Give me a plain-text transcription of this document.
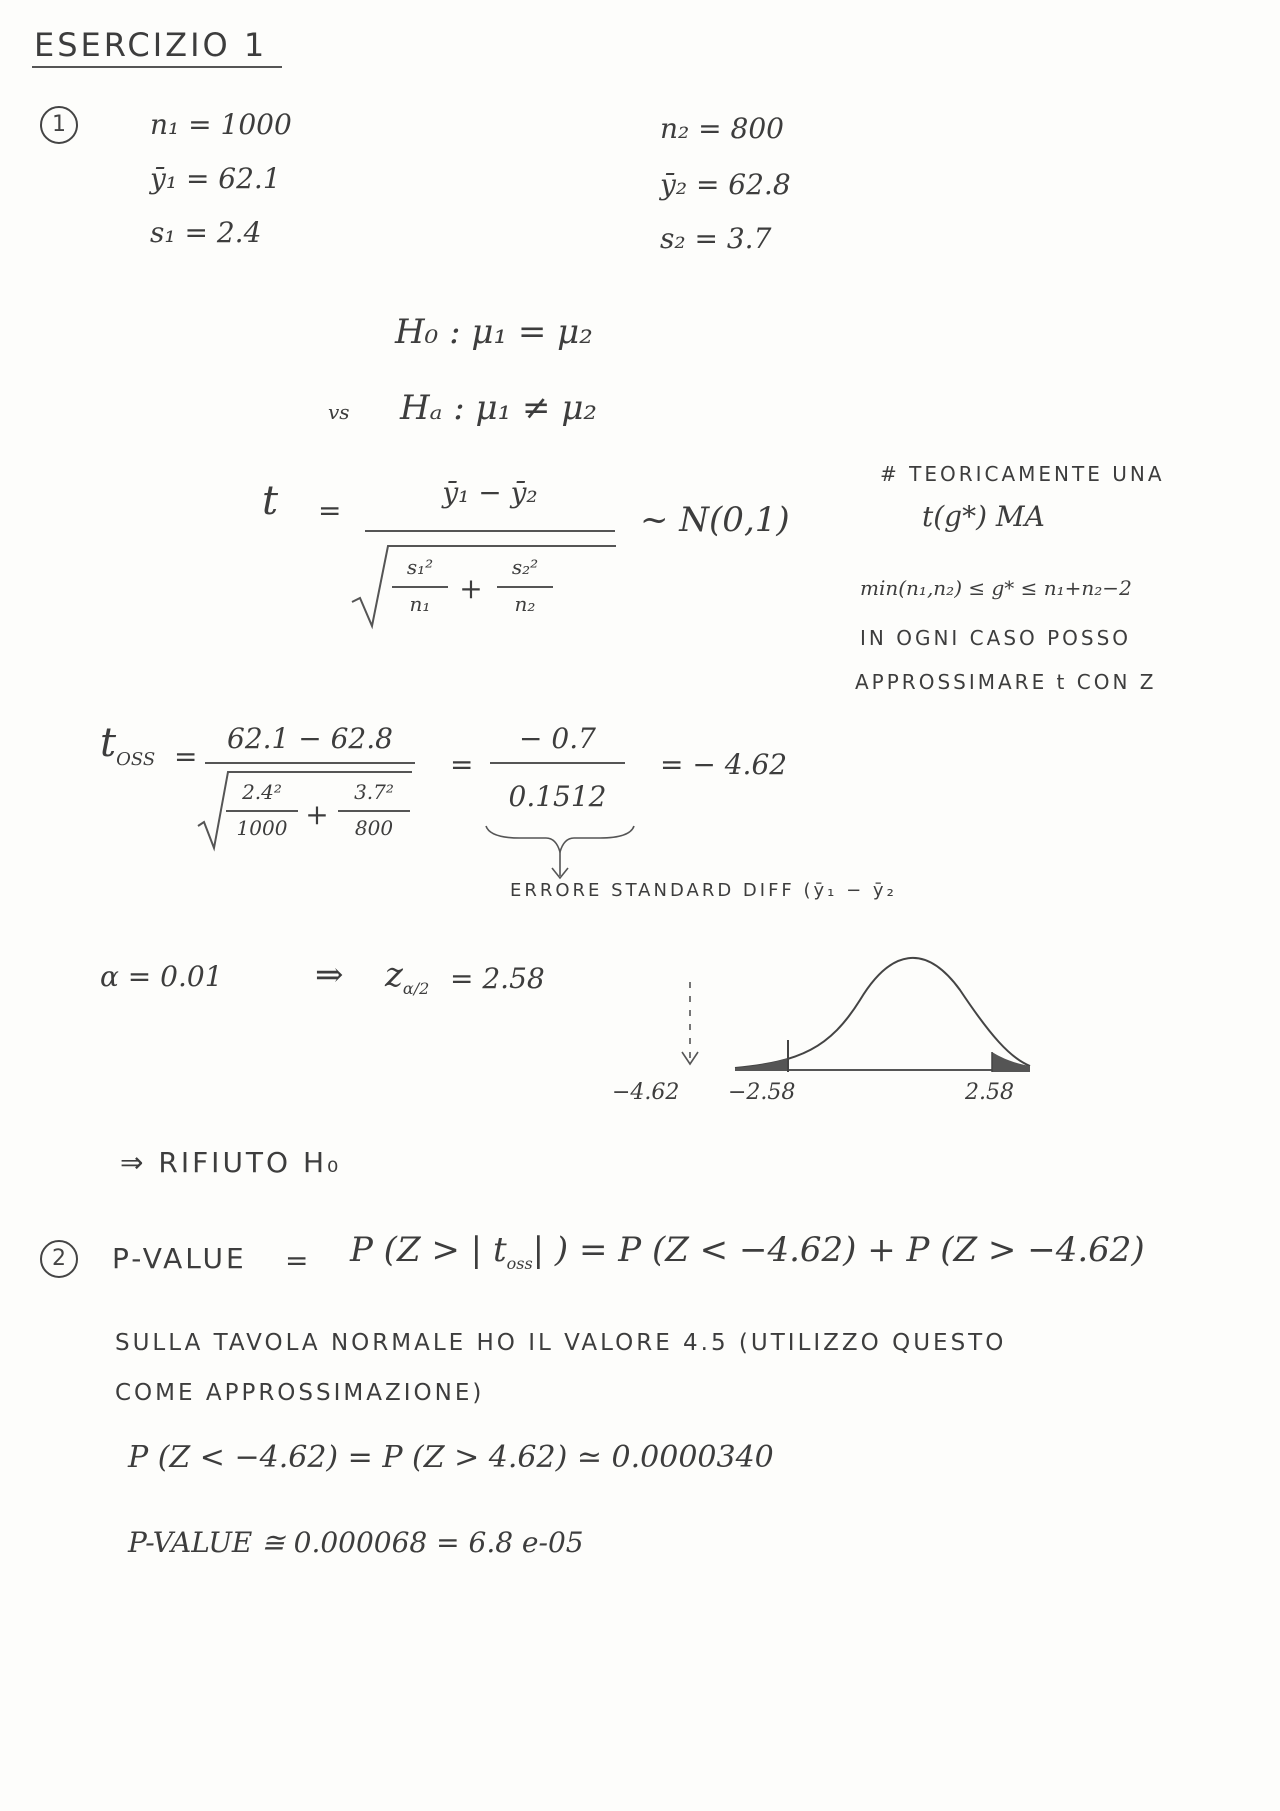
ESERCIZIO 1
1	n₁ = 1000
ȳ₁ = 62.1
s₁ = 2.4
n₂ = 800
ȳ₂ = 62.8
s₂ = 3.7
H₀ : μ₁ = μ₂
vs Hₐ : μ₁ ≠ μ₂
t =
ȳ₁ − ȳ₂
s₁²
n₁	+
s₂²
n₂
~ N(0,1)
# TEORICAMENTE UNA
t(g*) MA
min(n₁,n₂) ≤ g* ≤ n₁+n₂−2
IN OGNI CASO POSSO
APPROSSIMARE t CON Z
$t_{OSS}$ =
62.1 − 62.8
2.4²
1000 +
3.7²
800
=
− 0.7
0.1512
= − 4.62
ERRORE STANDARD DIFF (ȳ₁ − ȳ₂
α = 0.01	⇒ $z_{\alpha/2} = 2.58$
−4.62 −2.58	2.58
⇒ RIFIUTO H₀
2	P-VALUE = P (Z > | $t_{oss}|$ ) = P (Z < −4.62) + P (Z > −4.62)
SULLA TAVOLA NORMALE HO IL VALORE 4.5 (UTILIZZO QUESTO
COME APPROSSIMAZIONE)
P (Z < −4.62) = P (Z > 4.62) ≃ 0.0000340
P-VALUE ≅ 0.000068 = 6.8 e-05
